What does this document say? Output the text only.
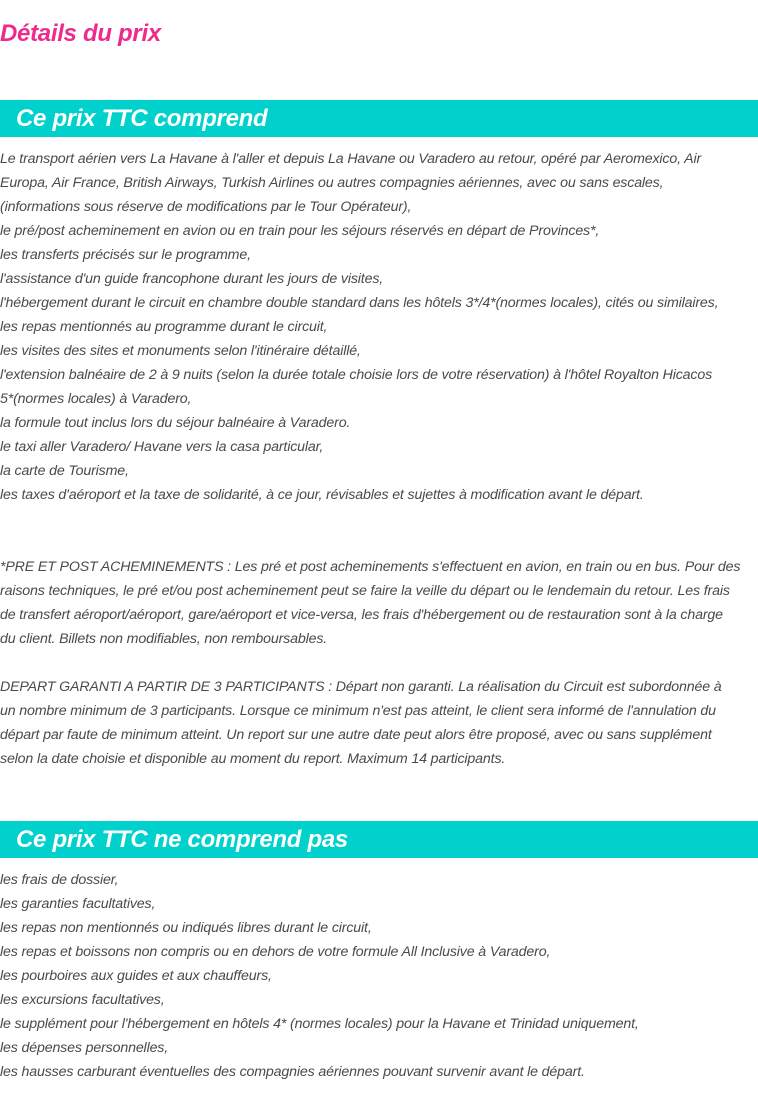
Détails du prix
Ce prix TTC comprend
Le transport aérien vers La Havane à l'aller et depuis La Havane ou Varadero au retour, opéré par Aeromexico, Air
Europa, Air France, British Airways, Turkish Airlines ou autres compagnies aériennes, avec ou sans escales,
(informations sous réserve de modifications par le Tour Opérateur),
le pré/post acheminement en avion ou en train pour les séjours réservés en départ de Provinces*,
les transferts précisés sur le programme,
l'assistance d'un guide francophone durant les jours de visites,
l'hébergement durant le circuit en chambre double standard dans les hôtels 3*/4*(normes locales), cités ou similaires,
les repas mentionnés au programme durant le circuit,
les visites des sites et monuments selon l'itinéraire détaillé,
l'extension balnéaire de 2 à 9 nuits (selon la durée totale choisie lors de votre réservation) à l'hôtel Royalton Hicacos
5*(normes locales) à Varadero,
la formule tout inclus lors du séjour balnéaire à Varadero.
le taxi aller Varadero/ Havane vers la casa particular,
la carte de Tourisme,
les taxes d'aéroport et la taxe de solidarité, à ce jour, révisables et sujettes à modification avant le départ.
*PRE ET POST ACHEMINEMENTS : Les pré et post acheminements s'effectuent en avion, en train ou en bus. Pour des
raisons techniques, le pré et/ou post acheminement peut se faire la veille du départ ou le lendemain du retour. Les frais
de transfert aéroport/aéroport, gare/aéroport et vice-versa, les frais d'hébergement ou de restauration sont à la charge
du client. Billets non modifiables, non remboursables.
DEPART GARANTI A PARTIR DE 3 PARTICIPANTS : Départ non garanti. La réalisation du Circuit est subordonnée à
un nombre minimum de 3 participants. Lorsque ce minimum n'est pas atteint, le client sera informé de l'annulation du
départ par faute de minimum atteint. Un report sur une autre date peut alors être proposé, avec ou sans supplément
selon la date choisie et disponible au moment du report. Maximum 14 participants.
Ce prix TTC ne comprend pas
les frais de dossier,
les garanties facultatives,
les repas non mentionnés ou indiqués libres durant le circuit,
les repas et boissons non compris ou en dehors de votre formule All Inclusive à Varadero,
les pourboires aux guides et aux chauffeurs,
les excursions facultatives,
le supplément pour l'hébergement en hôtels 4* (normes locales) pour la Havane et Trinidad uniquement,
les dépenses personnelles,
les hausses carburant éventuelles des compagnies aériennes pouvant survenir avant le départ.
